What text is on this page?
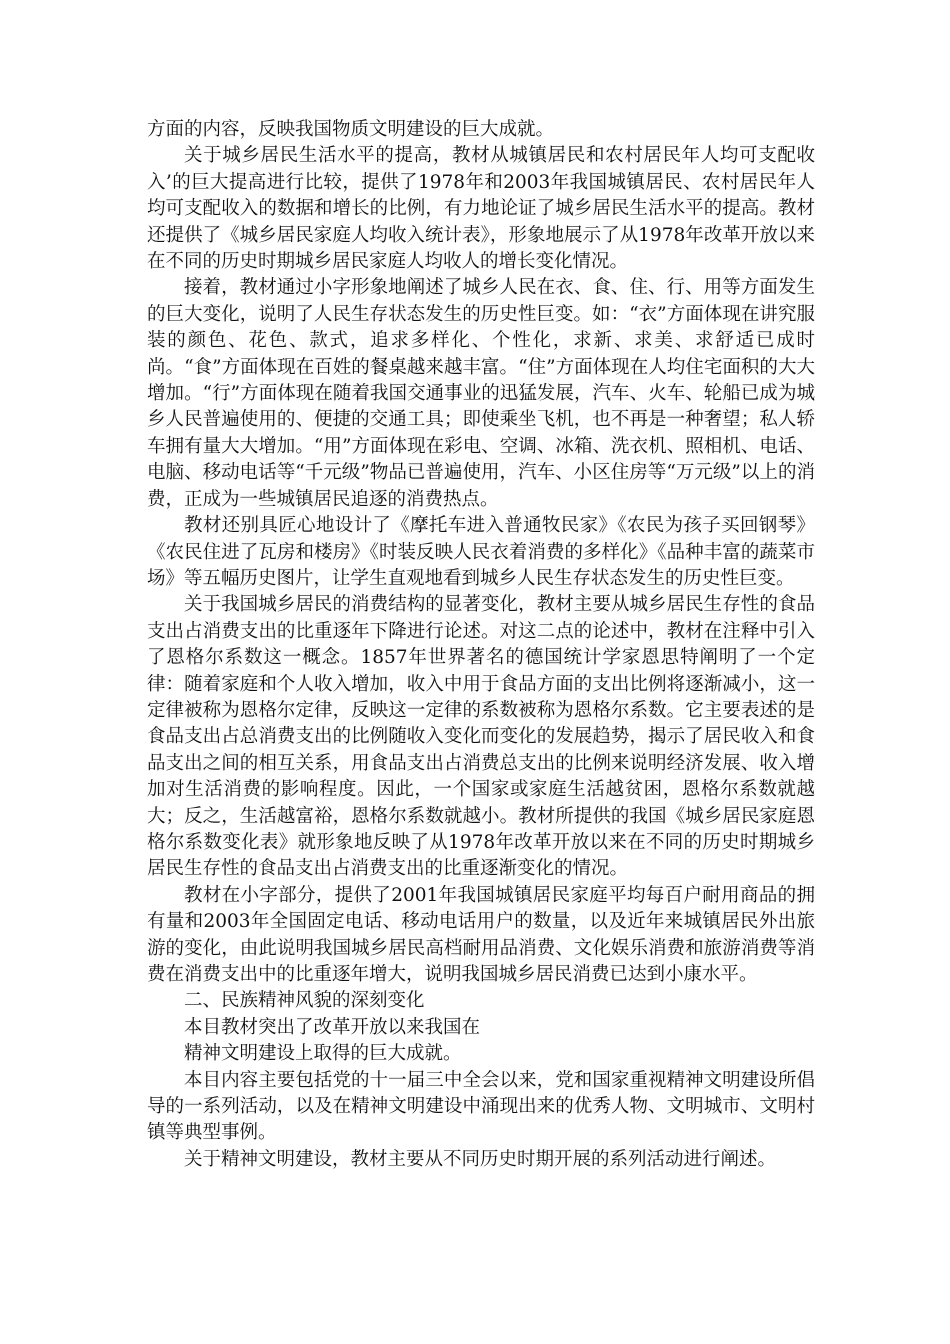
方面的内容，反映我国物质文明建设的巨大成就。

关于城乡居民生活水平的提高，教材从城镇居民和农村居民年人均可支配收入’的巨大提高进行比较，提供了1978年和2003年我国城镇居民、农村居民年人均可支配收入的数据和增长的比例，有力地论证了城乡居民生活水平的提高。教材还提供了《城乡居民家庭人均收入统计表》，形象地展示了从1978年改革开放以来在不同的历史时期城乡居民家庭人均收人的增长变化情况。

接着，教材通过小字形象地阐述了城乡人民在衣、食、住、行、用等方面发生的巨大变化，说明了人民生存状态发生的历史性巨变。如：“衣”方面体现在讲究服装的颜色、花色、款式，追求多样化、个性化，求新、求美、求舒适已成时尚。“食”方面体现在百姓的餐桌越来越丰富。“住”方面体现在人均住宅面积的大大增加。“行”方面体现在随着我国交通事业的迅猛发展，汽车、火车、轮船已成为城乡人民普遍使用的、便捷的交通工具；即使乘坐飞机，也不再是一种奢望；私人轿车拥有量大大增加。“用”方面体现在彩电、空调、冰箱、洗衣机、照相机、电话、电脑、移动电话等“千元级”物品已普遍使用，汽车、小区住房等“万元级”以上的消费，正成为一些城镇居民追逐的消费热点。

教材还别具匠心地设计了《摩托车进入普通牧民家》《农民为孩子买回钢琴》《农民住进了瓦房和楼房》《时装反映人民衣着消费的多样化》《品种丰富的蔬菜市场》等五幅历史图片，让学生直观地看到城乡人民生存状态发生的历史性巨变。

关于我国城乡居民的消费结构的显著变化，教材主要从城乡居民生存性的食品支出占消费支出的比重逐年下降进行论述。对这二点的论述中，教材在注释中引入了恩格尔系数这一概念。1857年世界著名的德国统计学家恩思特阐明了一个定律：随着家庭和个人收入增加，收入中用于食品方面的支出比例将逐渐减小，这一定律被称为恩格尔定律，反映这一定律的系数被称为恩格尔系数。它主要表述的是食品支出占总消费支出的比例随收入变化而变化的发展趋势，揭示了居民收入和食品支出之间的相互关系，用食品支出占消费总支出的比例来说明经济发展、收入增加对生活消费的影响程度。因此，一个国家或家庭生活越贫困，恩格尔系数就越大；反之，生活越富裕，恩格尔系数就越小。教材所提供的我国《城乡居民家庭恩格尔系数变化表》就形象地反映了从1978年改革开放以来在不同的历史时期城乡居民生存性的食品支出占消费支出的比重逐渐变化的情况。

教材在小字部分，提供了2001年我国城镇居民家庭平均每百户耐用商品的拥有量和2003年全国固定电话、移动电话用户的数量，以及近年来城镇居民外出旅游的变化，由此说明我国城乡居民高档耐用品消费、文化娱乐消费和旅游消费等消费在消费支出中的比重逐年增大，说明我国城乡居民消费已达到小康水平。

二、民族精神风貌的深刻变化

本目教材突出了改革开放以来我国在

精神文明建设上取得的巨大成就。

本目内容主要包括党的十一届三中全会以来，党和国家重视精神文明建设所倡导的一系列活动，以及在精神文明建设中涌现出来的优秀人物、文明城市、文明村镇等典型事例。

关于精神文明建设，教材主要从不同历史时期开展的系列活动进行阐述。
